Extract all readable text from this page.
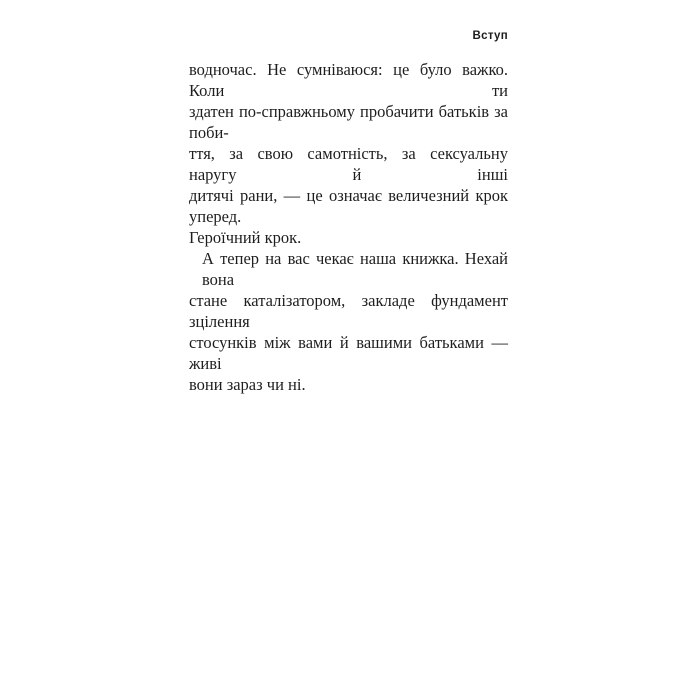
Вступ
водночас. Не сумніваюся: це було важко. Коли ти
здатен по-справжньому пробачити батьків за поби-
ття, за свою самотність, за сексуальну наругу й інші
дитячі рани, — це означає величезний крок уперед.
Героїчний крок.
А тепер на вас чекає наша книжка. Нехай вона
стане каталізатором, закладе фундамент зцілення
стосунків між вами й вашими батьками — живі
вони зараз чи ні.
